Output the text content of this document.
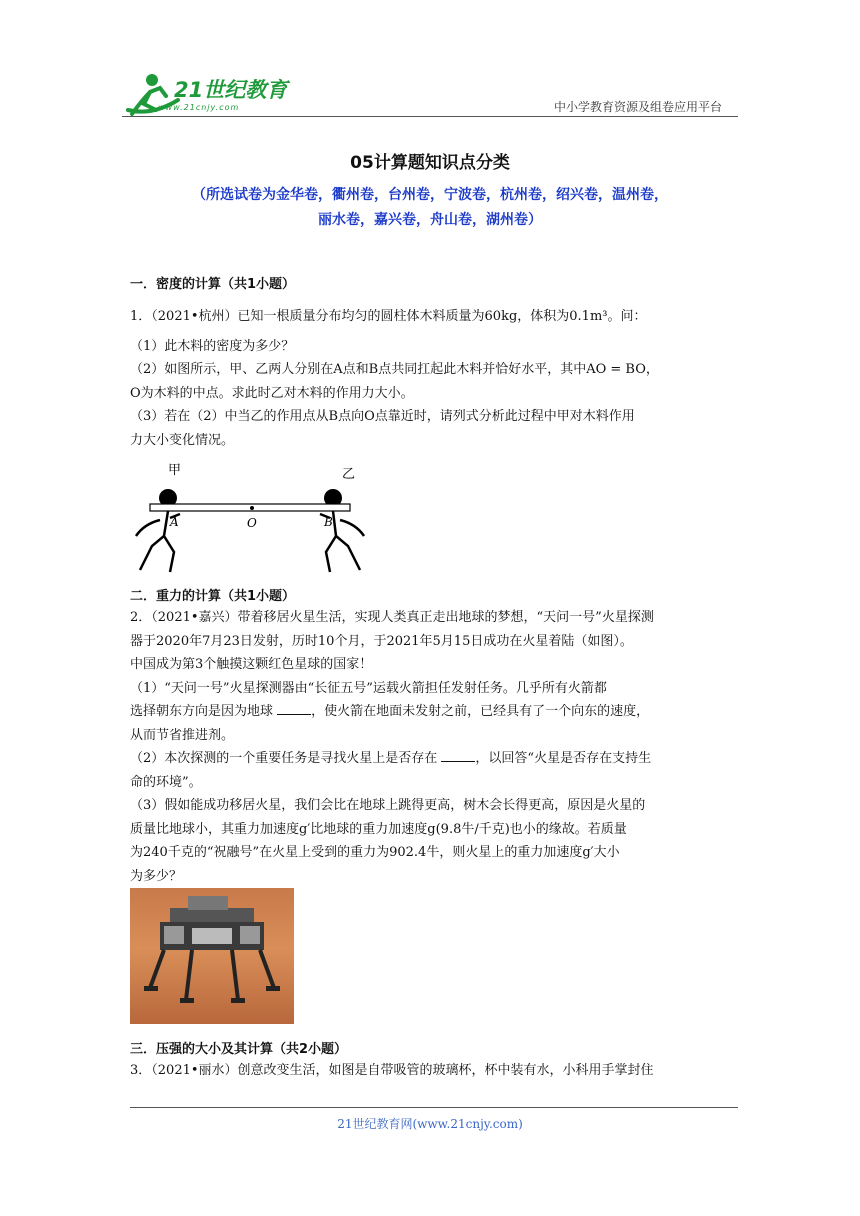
21世纪教育
www.21cnjy.com	中小学教育资源及组卷应用平台
05计算题知识点分类
（所选试卷为金华卷，衢州卷，台州卷，宁波卷，杭州卷，绍兴卷，温州卷，
丽水卷，嘉兴卷，舟山卷，湖州卷）
一．密度的计算（共1小题）
1．（2021•杭州）已知一根质量分布均匀的圆柱体木料质量为60kg，体积为0.1m³。问：
（1）此木料的密度为多少？
（2）如图所示，甲、乙两人分别在A点和B点共同扛起此木料并恰好水平，其中AO = BO，
O为木料的中点。求此时乙对木料的作用力大小。
（3）若在（2）中当乙的作用点从B点向O点靠近时，请列式分析此过程中甲对木料作用
力大小变化情况。
甲	乙
A	O	B
二．重力的计算（共1小题）
2．（2021•嘉兴）带着移居火星生活，实现人类真正走出地球的梦想，“天问一号”火星探测
器于2020年7月23日发射，历时10个月，于2021年5月15日成功在火星着陆（如图）。
中国成为第3个触摸这颗红色星球的国家！
（1）“天问一号”火星探测器由“长征五号”运载火箭担任发射任务。几乎所有火箭都
选择朝东方向是因为地球	，使火箭在地面未发射之前，已经具有了一个向东的速度，
从而节省推进剂。
（2）本次探测的一个重要任务是寻找火星上是否存在	，以回答“火星是否存在支持生
命的环境”。
（3）假如能成功移居火星，我们会比在地球上跳得更高，树木会长得更高，原因是火星的
质量比地球小，其重力加速度g′比地球的重力加速度g(9.8牛/千克)也小的缘故。若质量
为240千克的“祝融号”在火星上受到的重力为902.4牛，则火星上的重力加速度g′大小
为多少？
三．压强的大小及其计算（共2小题）
3．（2021•丽水）创意改变生活，如图是自带吸管的玻璃杯，杯中装有水，小科用手掌封住
21世纪教育网(www.21cnjy.com)
